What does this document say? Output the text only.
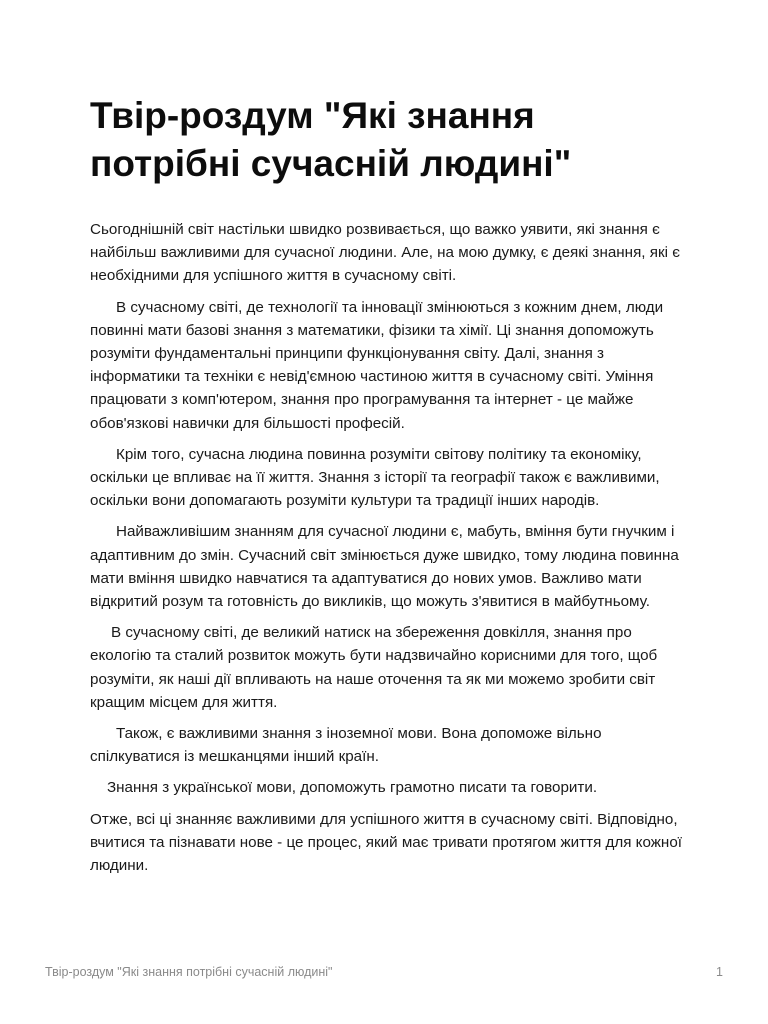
Твір-роздум "Які знання потрібні сучасній людині"

Сьогоднішній світ настільки швидко розвивається, що важко уявити, які знання є найбільш важливими для сучасної людини. Але, на мою думку, є деякі знання, які є необхідними для успішного життя в сучасному світі.

В сучасному світі, де технології та інновації змінюються з кожним днем, люди повинні мати базові знання з математики, фізики та хімії. Ці знання допоможуть розуміти фундаментальні принципи функціонування світу. Далі, знання з інформатики та техніки є невід'ємною частиною життя в сучасному світі. Уміння працювати з комп'ютером, знання про програмування та інтернет - це майже обов'язкові навички для більшості професій.

Крім того, сучасна людина повинна розуміти світову політику та економіку, оскільки це впливає на її життя. Знання з історії та географії також є важливими, оскільки вони допомагають розуміти культури та традиції інших народів.

Найважливішим знанням для сучасної людини є, мабуть, вміння бути гнучким і адаптивним до змін. Сучасний світ змінюється дуже швидко, тому людина повинна мати вміння швидко навчатися та адаптуватися до нових умов. Важливо мати відкритий розум та готовність до викликів, що можуть з'явитися в майбутньому.

В сучасному світі, де великий натиск на збереження довкілля, знання про екологію та сталий розвиток можуть бути надзвичайно корисними для того, щоб розуміти, як наші дії впливають на наше оточення та як ми можемо зробити світ кращим місцем для життя.

Також, є важливими знання з іноземної мови. Вона допоможе вільно спілкуватися із мешканцями інший країн.

Знання з української мови, допоможуть грамотно писати та говорити.

Отже, всі ці знанняє важливими для успішного життя в сучасному світі. Відповідно, вчитися та пізнавати нове - це процес, який має тривати протягом життя для кожної людини.

Твір-роздум "Які знання потрібні сучасній людині"	1
